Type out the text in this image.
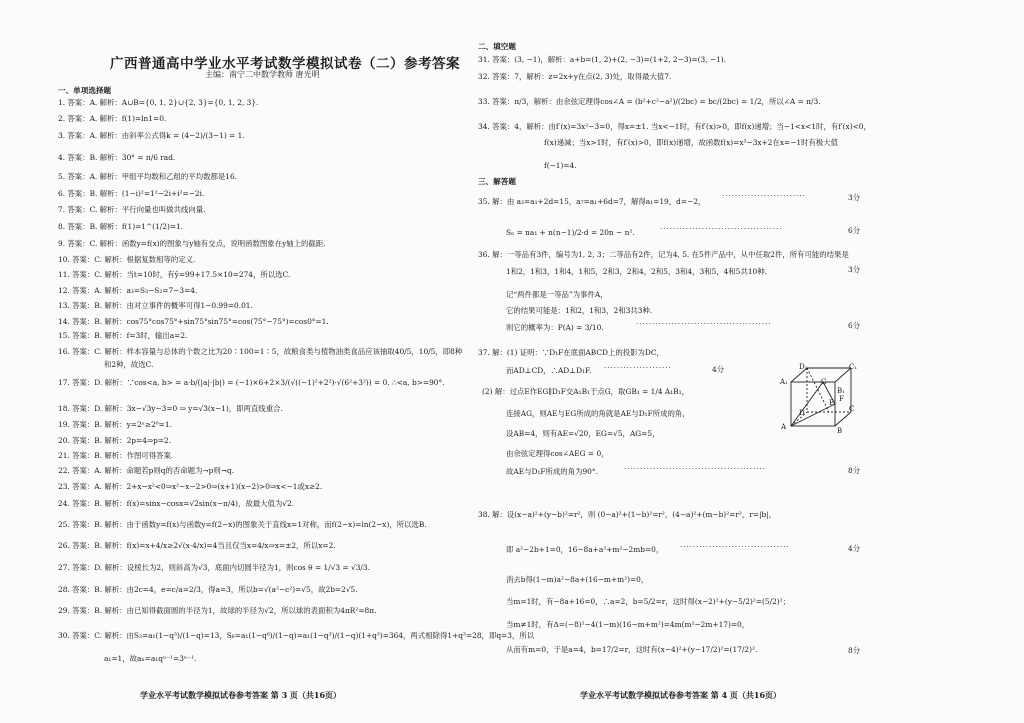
广西普通高中学业水平考试数学模拟试卷（二）参考答案
主编：南宁二中数学教师 唐光明
一、单项选择题
1. 答案：A. 解析：A∪B={0, 1, 2}∪{2, 3}={0, 1, 2, 3}.
2. 答案：A. 解析：f(1)=ln1=0.
3. 答案：A. 解析：由斜率公式得k = (4−2)/(3−1) = 1.
4. 答案：B. 解析：30° = π/6 rad.
5. 答案：A. 解析：甲组平均数和乙组的平均数都是16.
6. 答案：B. 解析：(1−i)²=1²−2i+i²=−2i.
7. 答案：C. 解析：平行向量也叫做共线向量.
8. 答案：B. 解析：f(1)=1^(1/2)=1.
9. 答案：C. 解析：函数y=f(x)的图象与y轴有交点，说明函数图象在y轴上的截距.
10. 答案：C. 解析：根据复数相等的定义.
11. 答案：C. 解析：当t=10时，有ŷ=99+17.5×10=274，所以选C.
12. 答案：A. 解析：a₃=S₃−S₂=7−3=4.
13. 答案：B. 解析：由对立事件的概率可得1−0.99=0.01.
14. 答案：B. 解析：cos75°cos75°+sin75°sin75°=cos(75°−75°)=cos0°=1.
15. 答案：B. 解析：f=3时，输出a=2.
16. 答案：C. 解析：样本容量与总体的个数之比为20∶100=1∶5，故粮食类与植物油类食品应该抽取40/5，10/5，即8种
和2种，故选C.
17. 答案：D. 解析：∵cos<a, b> = a·b/(|a|·|b|) = (−1)×6+2×3/(√((−1)²+2²)·√(6²+3²)) = 0. ∴<a, b>=90°.
18. 答案：D. 解析：3x−√3y−3=0 ⇒ y=√3(x−1)，即两直线重合.
19. 答案：B. 解析：y=2ˣ≥2⁰=1.
20. 答案：B. 解析：2p=4⇒p=2.
21. 答案：B. 解析：作图可得答案.
22. 答案：A. 解析：命题若p则q的否命题为¬p则¬q.
23. 答案：A. 解析：2+x−x²<0⇒x²−x−2>0⇒(x+1)(x−2)>0⇒x<−1或x≥2.
24. 答案：B. 解析：f(x)=sinx−cosx=√2sin(x−π/4)，故最大值为√2.
25. 答案：B. 解析：由于函数y=f(x)与函数y=f(2−x)的图象关于直线x=1对称，而f(2−x)=ln(2−x)，所以选B.
26. 答案：B. 解析：f(x)=x+4/x≥2√(x·4/x)=4当且仅当x=4/x⇒x=±2，所以x=2.
27. 答案：D. 解析：设棱长为2，则斜高为√3，底面内切圆半径为1，则cos θ = 1/√3 = √3/3.
28. 答案：B. 解析：由2c=4，e=c/a=2/3，得a=3，所以b=√(a²−c²)=√5，故2b=2√5.
29. 答案：B. 解析：由已知得截面圆的半径为1，故球的半径为√2，所以球的表面积为4πR²=8π.
30. 答案：C. 解析：由S₃=a₁(1−q³)/(1−q)=13，S₆=a₁(1−q⁶)/(1−q)=a₁(1−q³)/(1−q)(1+q³)=364，两式相除得1+q³=28，即q=3，所以
a₁=1，故aₙ=a₁qⁿ⁻¹=3ⁿ⁻¹.
学业水平考试数学模拟试卷参考答案 第 3 页（共16页）
二、填空题
31. 答案：(3, −1)，解析：a+b=(1, 2)+(2, −3)=(1+2, 2−3)=(3, −1).
32. 答案：7，解析：z=2x+y在点(2, 3)处，取得最大值7.
33. 答案：π/3，解析：由余弦定理得cos∠A = (b²+c²−a²)/(2bc) = bc/(2bc) = 1/2，所以∠A = π/3.
34. 答案：4，解析：由f′(x)=3x²−3=0，得x=±1. 当x<−1时，有f′(x)>0，即f(x)递增；当−1<x<1时，有f′(x)<0，
f(x)递减；当x>1时，有f′(x)>0，即f(x)递增，故函数f(x)=x³−3x+2在x=−1时有极大值
f(−1)=4.
三、解答题
35. 解：由 a₃=a₁+2d=15，a₇=a₁+6d=7，解得a₁=19，d=−2，
··························	3分
Sₙ = na₁ + n(n−1)/2·d = 20n − n².	······································	6分
36. 解：一等品有3件，编号为1, 2, 3；二等品有2件，记为4, 5. 在5件产品中，从中任取2件，所有可能的结果是
1和2，1和3，1和4，1和5，2和3，2和4，2和5，3和4，3和5，4和5共10种.	3分
记“两件都是一等品”为事件A，
它的结果可能是：1和2，1和3，2和3共3种.
则它的概率为：P(A) = 3/10.	··········································	6分
37. 解：(1) 证明：∵D₁F在底面ABCD上的投影为DC，
而AD⊥CD，∴AD⊥D₁F. ·····················	4分
(2) 解：过点E作EG∥D₁F交A₁B₁于点G，取GB₁ = 1/4 A₁B₁，
连接AG，则AE与EG所成的角就是AE与D₁F所成的角，
设AB=4，则有AE=√20，EG=√5，AG=5，
由余弦定理得cos∠AEG = 0，
故AE与D₁F所成的角为90°.	············································	8分
D₁	C₁
A₁
B₁
G
F
E
D	C
A	B
38. 解：设(x−a)²+(y−b)²=r²，则 (0−a)²+(1−b)²=r²，(4−a)²+(m−b)²=r²，r=|b|，
即 a²−2b+1=0，16−8a+a²+m²−2mb=0， ··································	4分
消去b得(1−m)a²−8a+(16−m+m²)=0，
当m=1时，有−8a+16=0，∴a=2，b=5/2=r，这时得(x−2)²+(y−5/2)²=(5/2)²；
当m≠1时，有Δ=(−8)²−4(1−m)(16−m+m²)=4m(m²−2m+17)=0，
从而有m=0，于是a=4，b=17/2=r，这时有(x−4)²+(y−17/2)²=(17/2)².	8分
学业水平考试数学模拟试卷参考答案 第 4 页（共16页）
